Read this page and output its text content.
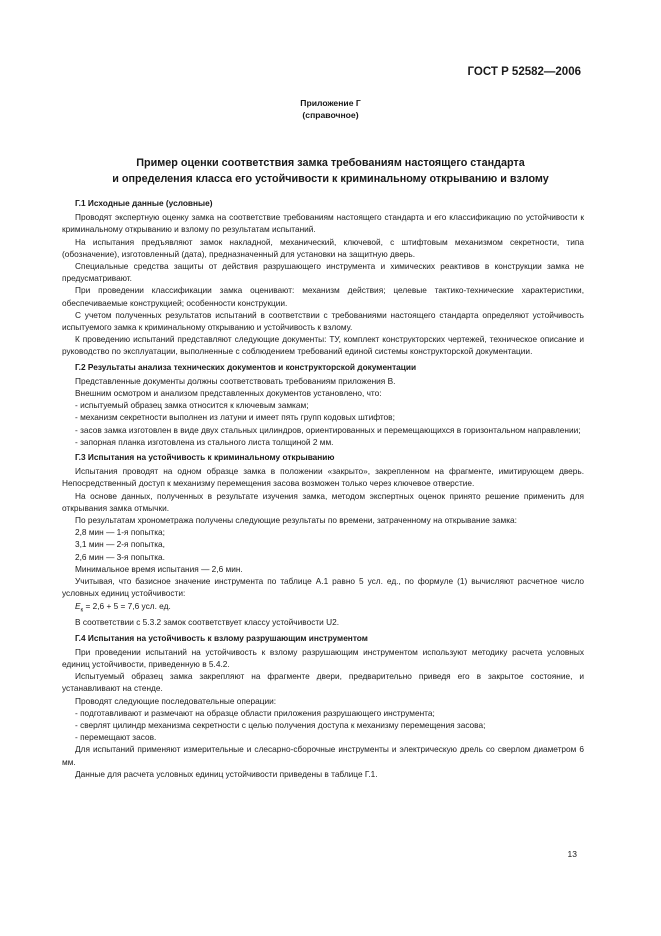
ГОСТ Р 52582—2006
Приложение Г
(справочное)
Пример оценки соответствия замка требованиям настоящего стандарта
и определения класса его устойчивости к криминальному открыванию и взлому
Г.1 Исходные данные (условные)

Проводят экспертную оценку замка на соответствие требованиям настоящего стандарта и его классификацию по устойчивости к криминальному открыванию и взлому по результатам испытаний.

На испытания предъявляют замок накладной, механический, ключевой, с штифтовым механизмом секретности, типа (обозначение), изготовленный (дата), предназначенный для установки на защитную дверь.

Специальные средства защиты от действия разрушающего инструмента и химических реактивов в конструкции замка не предусматривают.

При проведении классификации замка оценивают: механизм действия; целевые тактико-технические характеристики, обеспечиваемые конструкцией; особенности конструкции.

С учетом полученных результатов испытаний в соответствии с требованиями настоящего стандарта определяют устойчивость испытуемого замка к криминальному открыванию и устойчивость к взлому.

К проведению испытаний представляют следующие документы: ТУ, комплект конструкторских чертежей, техническое описание и руководство по эксплуатации, выполненные с соблюдением требований единой системы конструкторской документации.

Г.2 Результаты анализа технических документов и конструкторской документации

Представленные документы должны соответствовать требованиям приложения В.

Внешним осмотром и анализом представленных документов установлено, что:

- испытуемый образец замка относится к ключевым замкам;

- механизм секретности выполнен из латуни и имеет пять групп кодовых штифтов;

- засов замка изготовлен в виде двух стальных цилиндров, ориентированных и перемещающихся в горизонтальном направлении;

- запорная планка изготовлена из стального листа толщиной 2 мм.

Г.3 Испытания на устойчивость к криминальному открыванию

Испытания проводят на одном образце замка в положении «закрыто», закрепленном на фрагменте, имитирующем дверь. Непосредственный доступ к механизму перемещения засова возможен только через ключевое отверстие.

На основе данных, полученных в результате изучения замка, методом экспертных оценок принято решение применить для открывания замка отмычки.

По результатам хронометража получены следующие результаты по времени, затраченному на открывание замка:

2,8 мин — 1-я попытка;

3,1 мин — 2-я попытка,

2,6 мин — 3-я попытка.

Минимальное время испытания — 2,6 мин.

Учитывая, что базисное значение инструмента по таблице А.1 равно 5 усл. ед., по формуле (1) вычисляют расчетное число условных единиц устойчивости:

$E_к = 2,6 + 5 = 7,6$ усл. ед.

В соответствии с 5.3.2 замок соответствует классу устойчивости U2.

Г.4 Испытания на устойчивость к взлому разрушающим инструментом

При проведении испытаний на устойчивость к взлому разрушающим инструментом используют методику расчета условных единиц устойчивости, приведенную в 5.4.2.

Испытуемый образец замка закрепляют на фрагменте двери, предварительно приведя его в закрытое состояние, и устанавливают на стенде.

Проводят следующие последовательные операции:

- подготавливают и размечают на образце области приложения разрушающего инструмента;

- сверлят цилиндр механизма секретности с целью получения доступа к механизму перемещения засова;

- перемещают засов.

Для испытаний применяют измерительные и слесарно-сборочные инструменты и электрическую дрель со сверлом диаметром 6 мм.

Данные для расчета условных единиц устойчивости приведены в таблице Г.1.

13
